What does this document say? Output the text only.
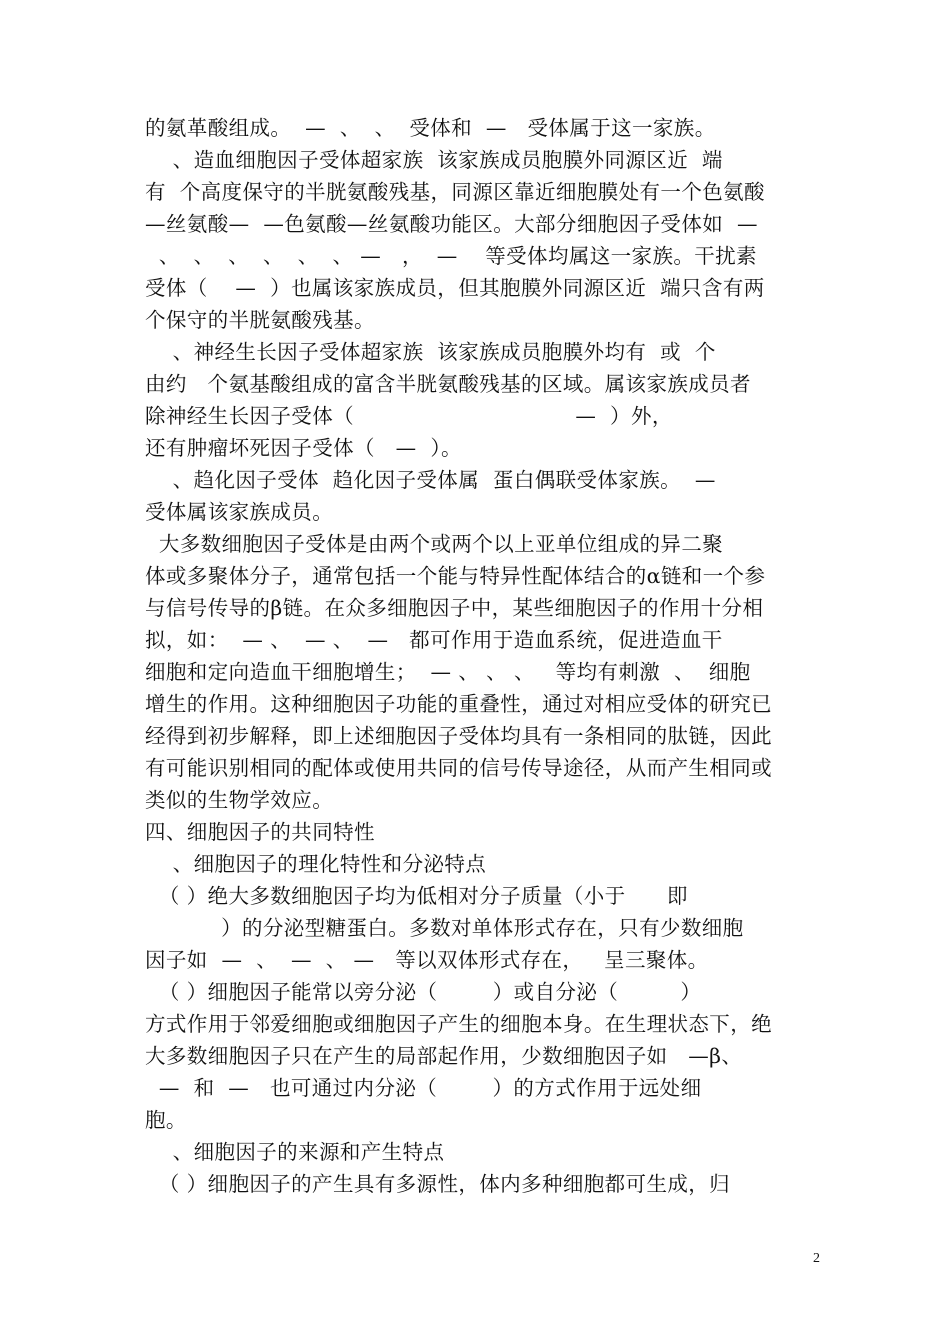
的氨革酸组成。  —  、  、  受体和  —   受体属于这一家族。
、造血细胞因子受体超家族  该家族成员胞膜外同源区近  端
有  个高度保守的半胱氨酸残基，同源区靠近细胞膜处有一个色氨酸
—丝氨酸—  —色氨酸—丝氨酸功能区。大部分细胞因子受体如  —
、  、  、  、  、  、 —   ，  —    等受体均属这一家族。干扰素
受体（    —  ）也属该家族成员，但其胞膜外同源区近  端只含有两
个保守的半胱氨酸残基。
、神经生长因子受体超家族  该家族成员胞膜外均有  或  个
由约   个氨基酸组成的富含半胱氨酸残基的区域。属该家族成员者
除神经生长因子受体（                                —  ）外，
还有肿瘤坏死因子受体（   —  ）。
、趋化因子受体  趋化因子受体属  蛋白偶联受体家族。  —
受体属该家族成员。
大多数细胞因子受体是由两个或两个以上亚单位组成的异二聚
体或多聚体分子，通常包括一个能与特异性配体结合的α链和一个参
与信号传导的β链。在众多细胞因子中，某些细胞因子的作用十分相
拟，如：  — 、  — 、  —   都可作用于造血系统，促进造血干
细胞和定向造血干细胞增生；  — 、 、 、   等均有刺激  、  细胞
增生的作用。这种细胞因子功能的重叠性，通过对相应受体的研究已
经得到初步解释，即上述细胞因子受体均具有一条相同的肽链，因此
有可能识别相同的配体或使用共同的信号传导途径，从而产生相同或
类似的生物学效应。
四、细胞因子的共同特性
、细胞因子的理化特性和分泌特点
（ ）绝大多数细胞因子均为低相对分子质量（小于      即
）的分泌型糖蛋白。多数对单体形式存在，只有少数细胞
因子如  —  、  —  、 —   等以双体形式存在，   呈三聚体。
（ ）细胞因子能常以旁分泌（        ）或自分泌（         ）
方式作用于邻爱细胞或细胞因子产生的细胞本身。在生理状态下，绝
大多数细胞因子只在产生的局部起作用，少数细胞因子如   —β、
—  和  —   也可通过内分泌（        ）的方式作用于远处细
胞。
、细胞因子的来源和产生特点
（ ）细胞因子的产生具有多源性，体内多种细胞都可生成，归
2
